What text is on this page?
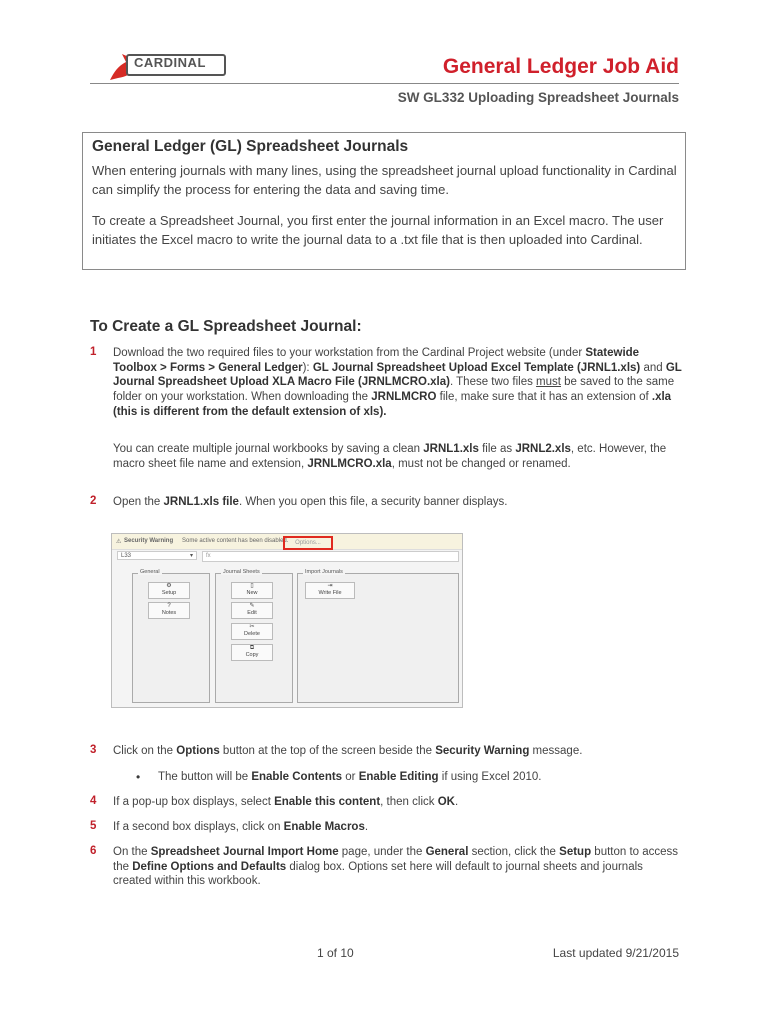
CARDINAL	General Ledger Job Aid
SW GL332 Uploading Spreadsheet Journals
General Ledger (GL) Spreadsheet Journals

When entering journals with many lines, using the spreadsheet journal upload functionality in Cardinal can simplify the process for entering the data and saving time.

To create a Spreadsheet Journal, you first enter the journal information in an Excel macro. The user initiates the Excel macro to write the journal data to a .txt file that is then uploaded into Cardinal.

To Create a GL Spreadsheet Journal:
1 Download the two required files to your workstation from the Cardinal Project website (under Statewide Toolbox > Forms > General Ledger): GL Journal Spreadsheet Upload Excel Template (JRNL1.xls) and GL Journal Spreadsheet Upload XLA Macro File (JRNLMCRO.xla). These two files must be saved to the same folder on your workstation. When downloading the JRNLMCRO file, make sure that it has an extension of .xla (this is different from the default extension of xls).
You can create multiple journal workbooks by saving a clean JRNL1.xls file as JRNL2.xls, etc. However, the macro sheet file name and extension, JRNLMCRO.xla, must not be changed or renamed.
2 Open the JRNL1.xls file. When you open this file, a security banner displays.
⚠ Security Warning Some active content has been disabled.	Options...
L33	▾	fx
General
⚙
Setup
?
Notes
Journal Sheets
▯
New
✎
Edit
✂
Delete
⧉
Copy
Import Journals
⇥
Write File
3 Click on the Options button at the top of the screen beside the Security Warning message.
• The button will be Enable Contents or Enable Editing if using Excel 2010.
4 If a pop-up box displays, select Enable this content, then click OK.
5 If a second box displays, click on Enable Macros.
6 On the Spreadsheet Journal Import Home page, under the General section, click the Setup button to access the Define Options and Defaults dialog box. Options set here will default to journal sheets and journals created within this workbook.
1 of 10	Last updated 9/21/2015
